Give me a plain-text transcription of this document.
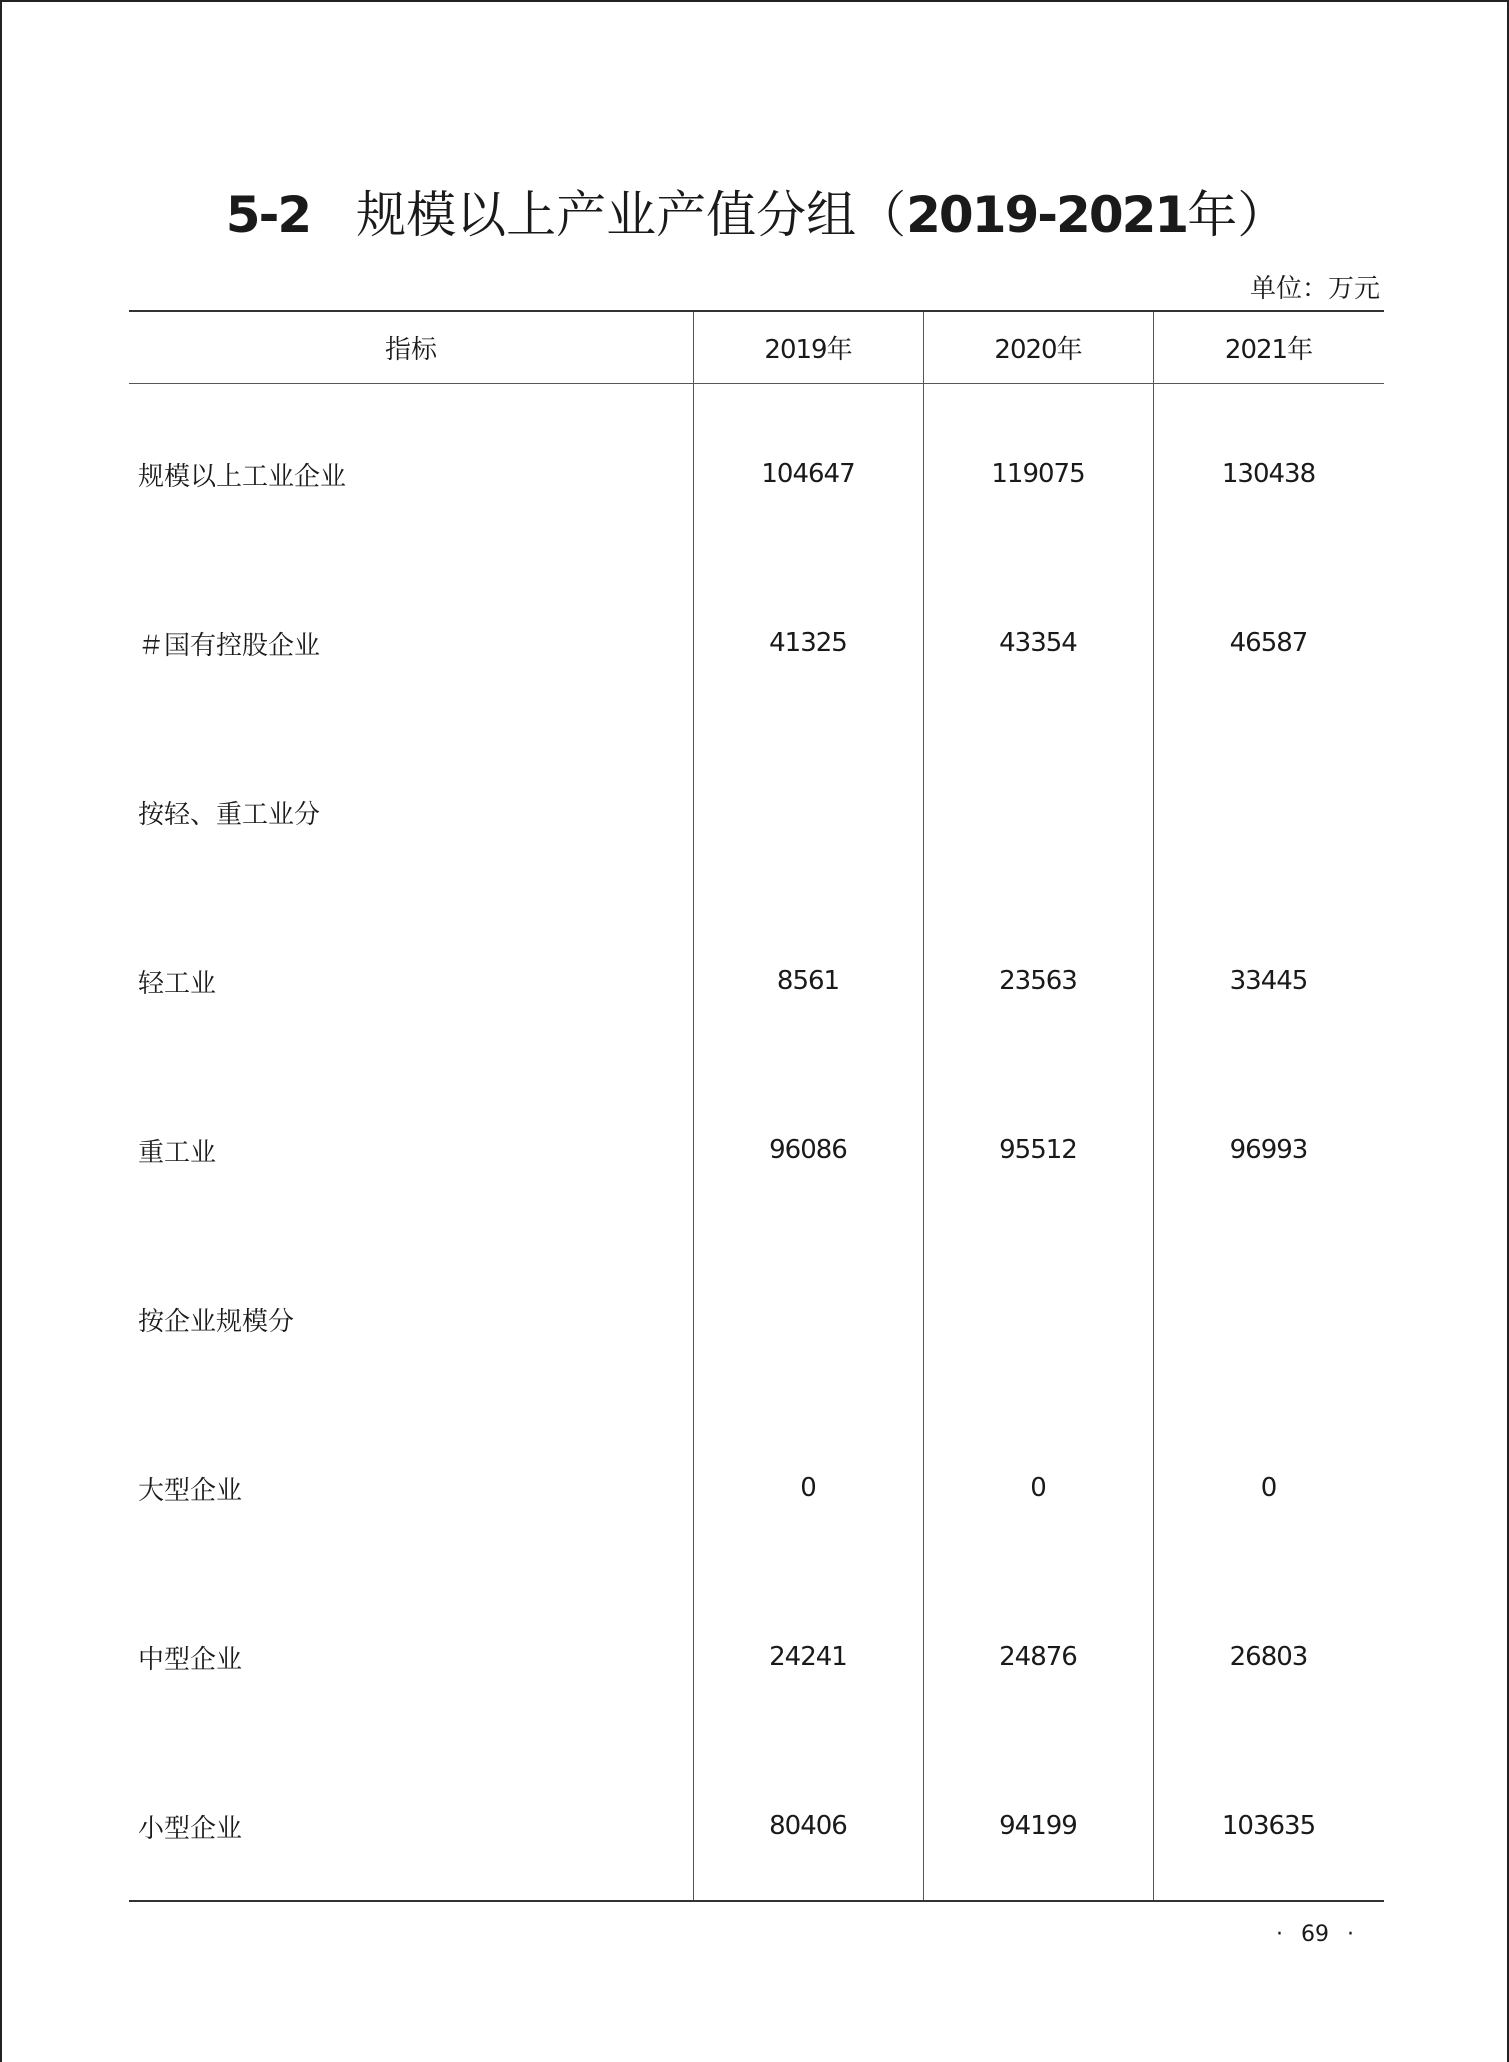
5-2 规模以上产业产值分组（2019-2021年）
单位：万元
指标	2019年	2020年	2021年
规模以上工业企业	104647	119075	130438
＃国有控股企业	41325	43354	46587
按轻、重工业分
轻工业	8561	23563	33445
重工业	96086	95512	96993
按企业规模分
大型企业	0	0	0
中型企业	24241	24876	26803
小型企业	80406	94199	103635
· 69 ·
